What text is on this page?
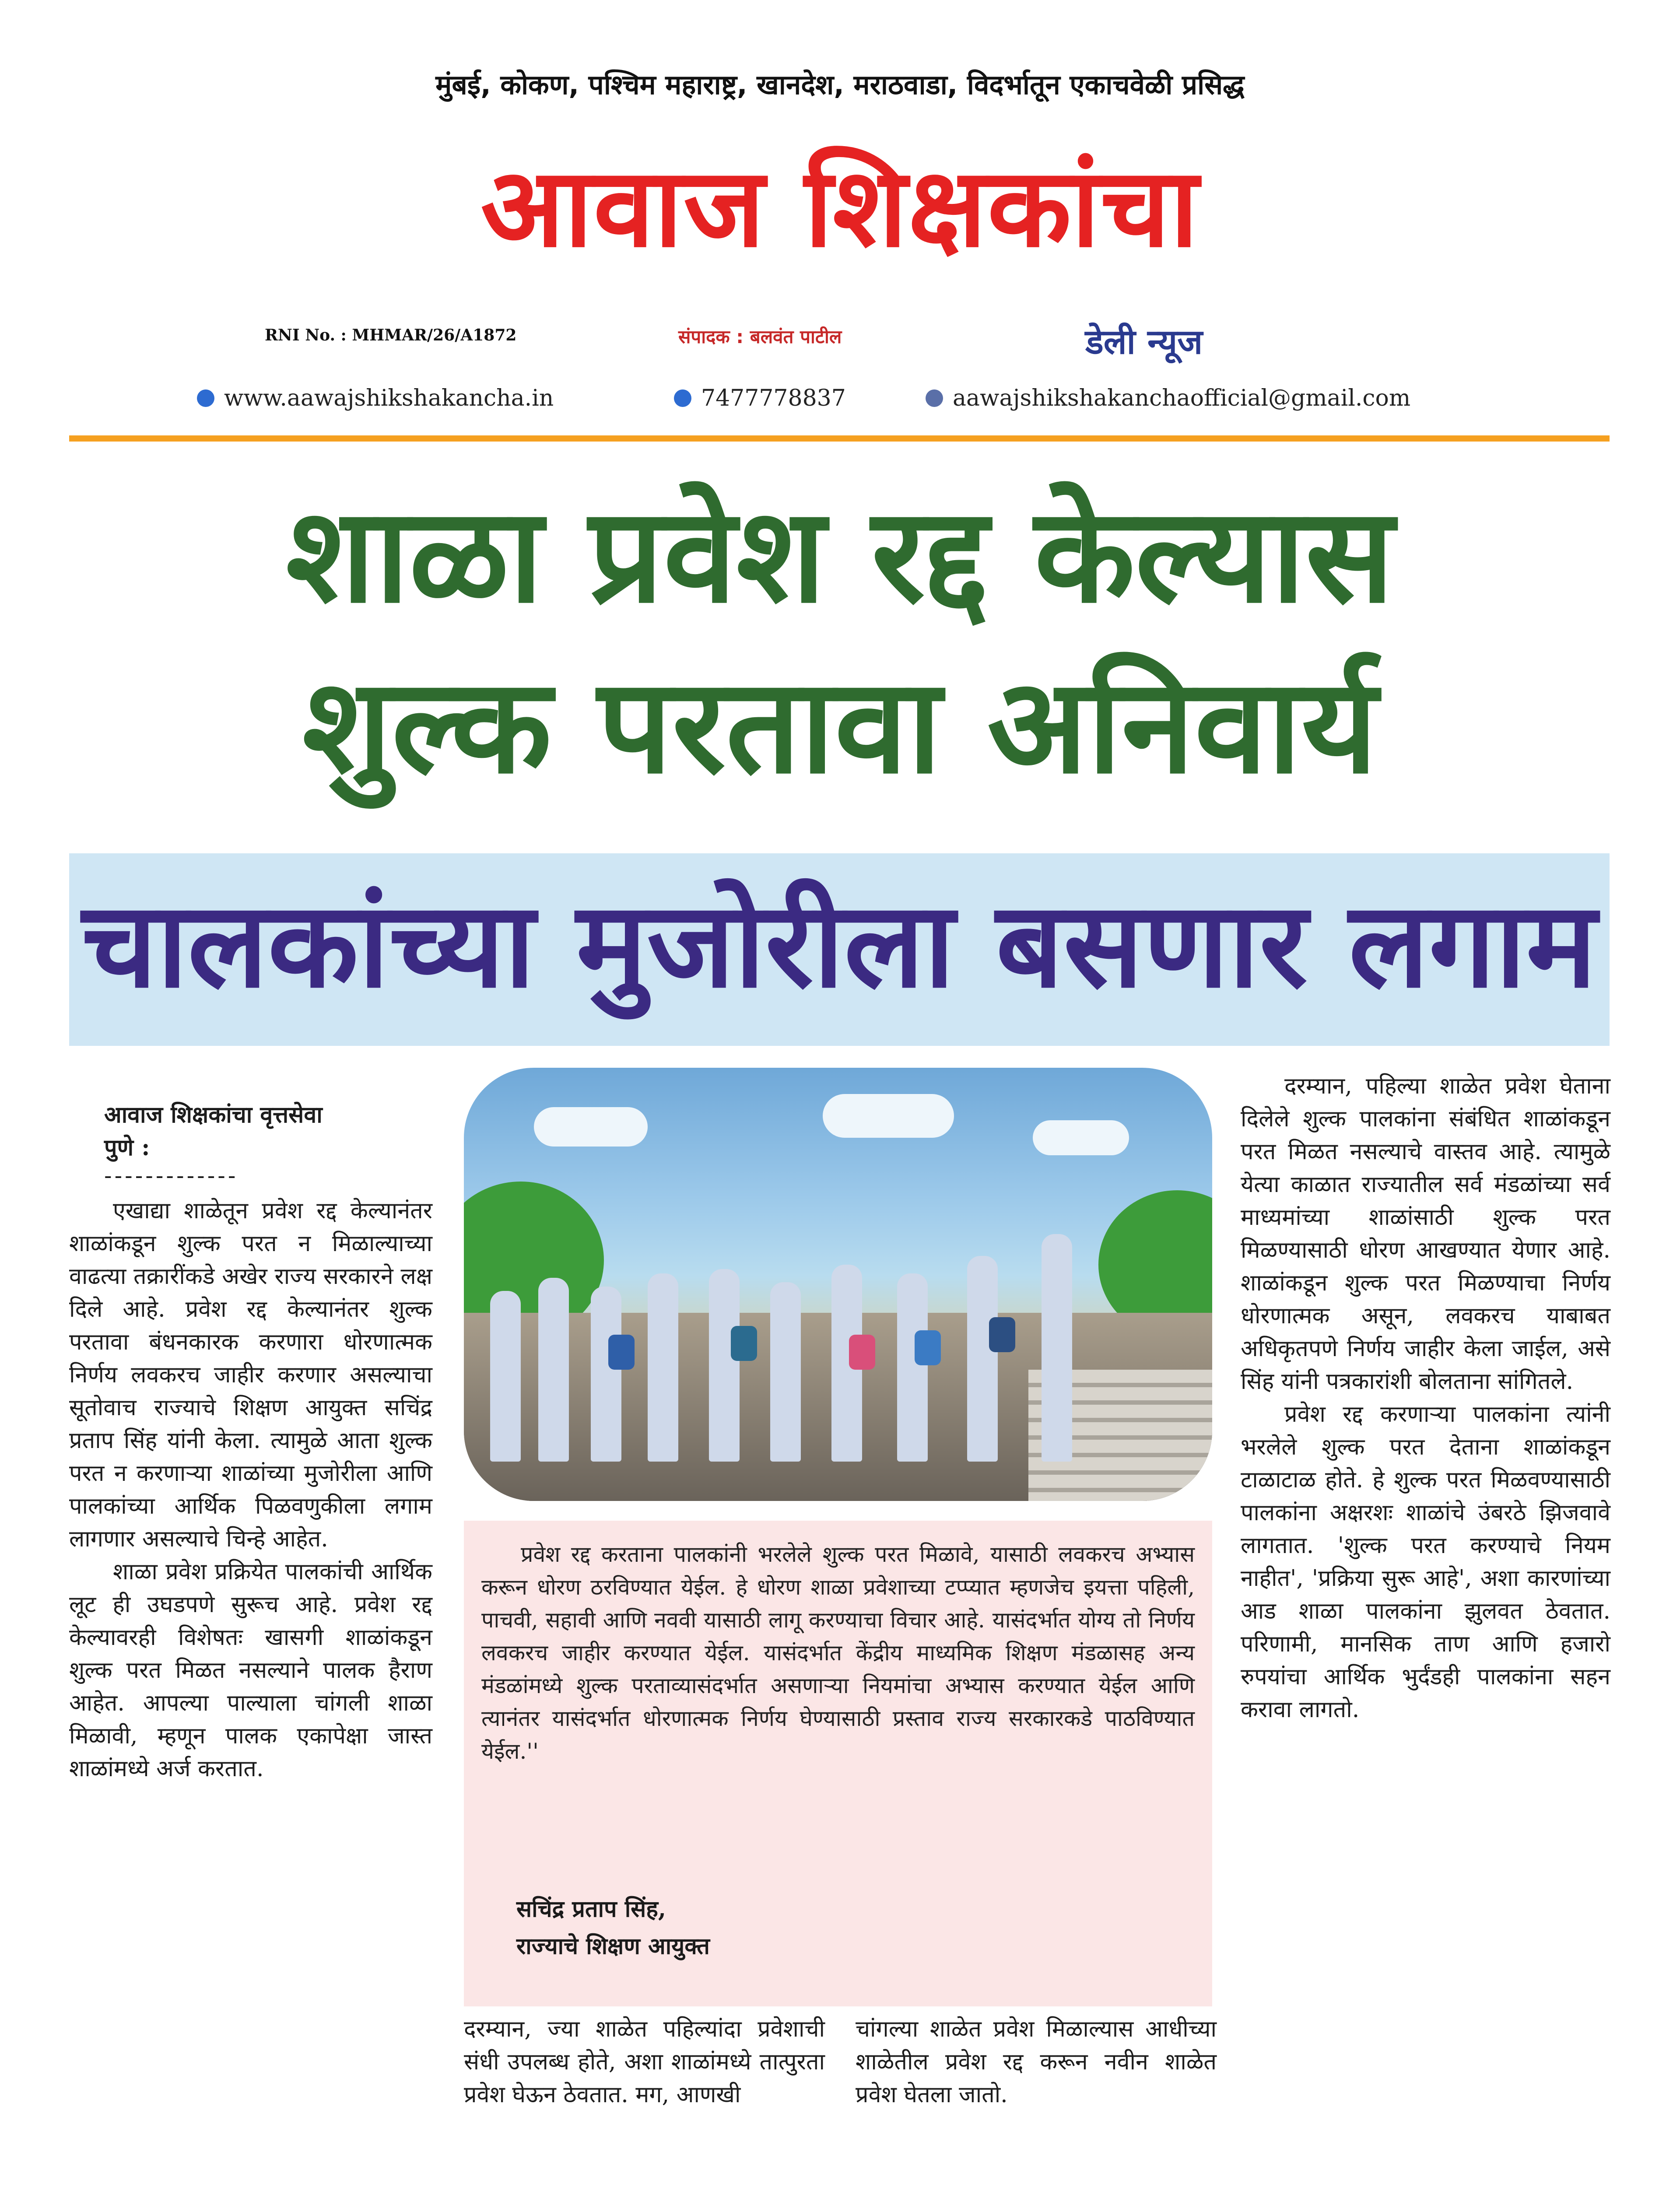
मुंबई, कोकण, पश्चिम महाराष्ट्र, खानदेश, मराठवाडा, विदर्भातून एकाचवेळी प्रसिद्ध
आवाज शिक्षकांचा
RNI No. : MHMAR/26/A1872	संपादक : बलवंत पाटील	डेली न्यूज
www.aawajshikshakancha.in	7477778837	aawajshikshakanchaofficial@gmail.com
शाळा प्रवेश रद्द केल्यास
शुल्क परतावा अनिवार्य
चालकांच्या मुजोरीला बसणार लगाम
आवाज शिक्षकांचा वृत्तसेवा
पुणे :
-------------

एखाद्या शाळेतून प्रवेश रद्द केल्यानंतर शाळांकडून शुल्क परत न मिळाल्याच्या वाढत्या तक्रारींकडे अखेर राज्य सरकारने लक्ष दिले आहे. प्रवेश रद्द केल्यानंतर शुल्क परतावा बंधनकारक करणारा धोरणात्मक निर्णय लवकरच जाहीर करणार असल्याचा सूतोवाच राज्याचे शिक्षण आयुक्त सचिंद्र प्रताप सिंह यांनी केला. त्यामुळे आता शुल्क परत न करणाऱ्या शाळांच्या मुजोरीला आणि पालकांच्या आर्थिक पिळवणुकीला लगाम लागणार असल्याचे चिन्हे आहेत.

शाळा प्रवेश प्रक्रियेत पालकांची आर्थिक लूट ही उघडपणे सुरूच आहे. प्रवेश रद्द केल्यावरही विशेषतः खासगी शाळांकडून शुल्क परत मिळत नसल्याने पालक हैराण आहेत. आपल्या पाल्याला चांगली शाळा मिळावी, म्हणून पालक एकापेक्षा जास्त शाळांमध्ये अर्ज करतात.

प्रवेश रद्द करताना पालकांनी भरलेले शुल्क परत मिळावे, यासाठी लवकरच अभ्यास करून धोरण ठरविण्यात येईल. हे धोरण शाळा प्रवेशाच्या टप्प्यात म्हणजेच इयत्ता पहिली, पाचवी, सहावी आणि नववी यासाठी लागू करण्याचा विचार आहे. यासंदर्भात योग्य तो निर्णय लवकरच जाहीर करण्यात येईल. यासंदर्भात केंद्रीय माध्यमिक शिक्षण मंडळासह अन्य मंडळांमध्ये शुल्क परताव्यासंदर्भात असणाऱ्या नियमांचा अभ्यास करण्यात येईल आणि त्यानंतर यासंदर्भात धोरणात्मक निर्णय घेण्यासाठी प्रस्ताव राज्य सरकारकडे पाठविण्यात येईल.''
सचिंद्र प्रताप सिंह,
राज्याचे शिक्षण आयुक्त

दरम्यान, ज्या शाळेत पहिल्यांदा प्रवेशाची संधी उपलब्ध होते, अशा शाळांमध्ये तात्पुरता प्रवेश घेऊन ठेवतात. मग, आणखी

चांगल्या शाळेत प्रवेश मिळाल्यास आधीच्या शाळेतील प्रवेश रद्द करून नवीन शाळेत प्रवेश घेतला जातो.

दरम्यान, पहिल्या शाळेत प्रवेश घेताना दिलेले शुल्क पालकांना संबंधित शाळांकडून परत मिळत नसल्याचे वास्तव आहे. त्यामुळे येत्या काळात राज्यातील सर्व मंडळांच्या सर्व माध्यमांच्या शाळांसाठी शुल्क परत मिळण्यासाठी धोरण आखण्यात येणार आहे. शाळांकडून शुल्क परत मिळण्याचा निर्णय धोरणात्मक असून, लवकरच याबाबत अधिकृतपणे निर्णय जाहीर केला जाईल, असे सिंह यांनी पत्रकारांशी बोलताना सांगितले.

प्रवेश रद्द करणाऱ्या पालकांना त्यांनी भरलेले शुल्क परत देताना शाळांकडून टाळाटाळ होते. हे शुल्क परत मिळवण्यासाठी पालकांना अक्षरशः शाळांचे उंबरठे झिजवावे लागतात. 'शुल्क परत करण्याचे नियम नाहीत', 'प्रक्रिया सुरू आहे', अशा कारणांच्या आड शाळा पालकांना झुलवत ठेवतात. परिणामी, मानसिक ताण आणि हजारो रुपयांचा आर्थिक भुर्दंडही पालकांना सहन करावा लागतो.
